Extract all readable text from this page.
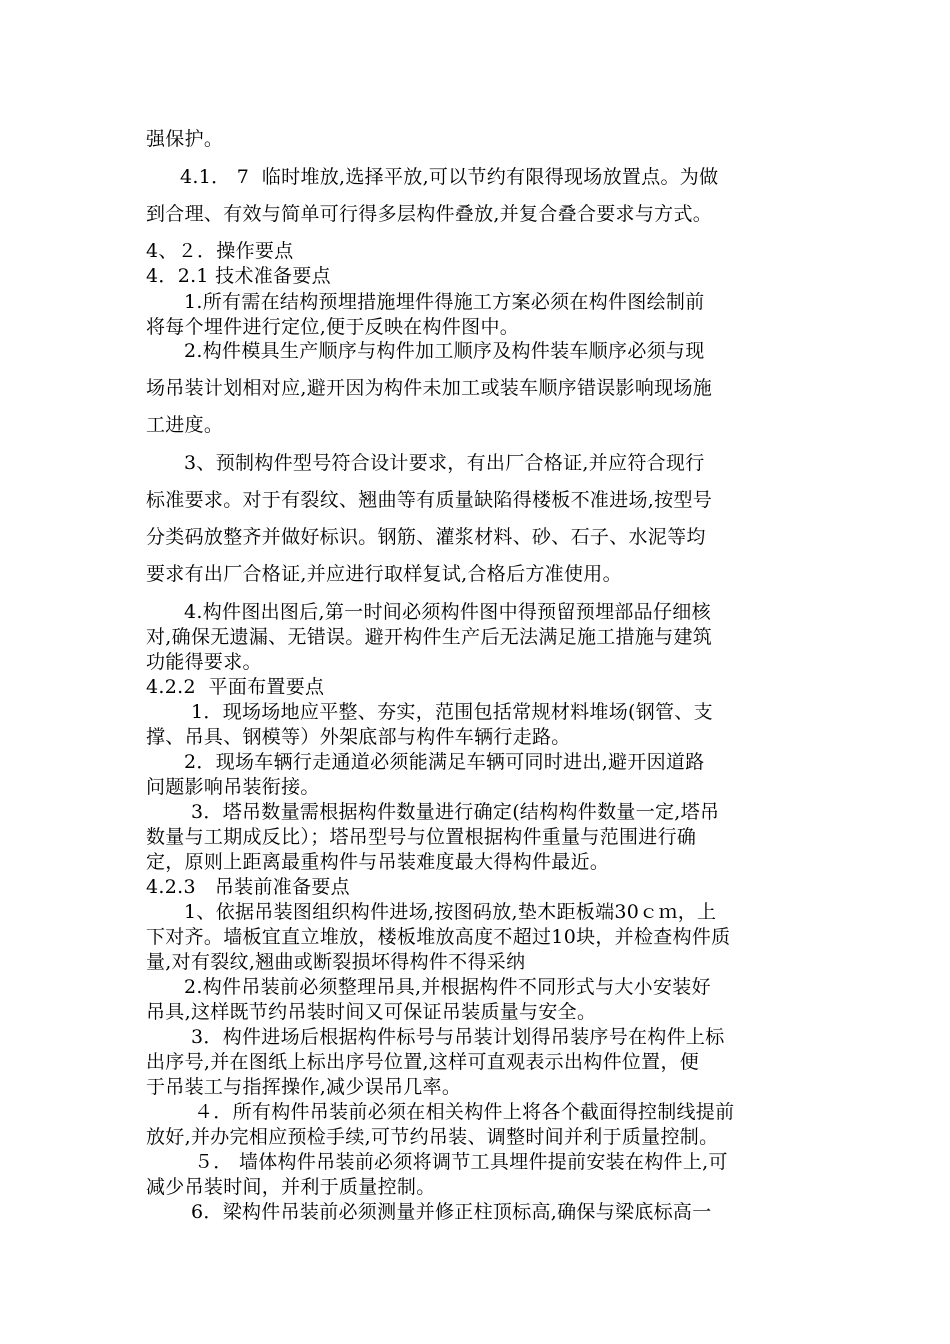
强保护。
4.1． 7  临时堆放,选择平放,可以节约有限得现场放置点。为做
到合理、有效与简单可行得多层构件叠放,并复合叠合要求与方式。
4、２．操作要点
4．2.1 技术准备要点
1.所有需在结构预埋措施埋件得施工方案必须在构件图绘制前
将每个埋件进行定位,便于反映在构件图中。
2.构件模具生产顺序与构件加工顺序及构件装车顺序必须与现
场吊装计划相对应,避开因为构件未加工或装车顺序错误影响现场施
工进度。
3、预制构件型号符合设计要求，有出厂合格证,并应符合现行
标准要求。对于有裂纹、翘曲等有质量缺陷得楼板不准进场,按型号
分类码放整齐并做好标识。钢筋、灌浆材料、砂、石子、水泥等均
要求有出厂合格证,并应进行取样复试,合格后方准使用。
4.构件图出图后,第一时间必须构件图中得预留预埋部品仔细核
对,确保无遗漏、无错误。避开构件生产后无法满足施工措施与建筑
功能得要求。
4.2.2  平面布置要点
1．现场场地应平整、夯实，范围包括常规材料堆场(钢管、支
撑、吊具、钢模等）外架底部与构件车辆行走路。
2．现场车辆行走通道必须能满足车辆可同时进出,避开因道路
问题影响吊装衔接。
3．塔吊数量需根据构件数量进行确定(结构构件数量一定,塔吊
数量与工期成反比）；塔吊型号与位置根据构件重量与范围进行确
定，原则上距离最重构件与吊装难度最大得构件最近。
4.2.3   吊装前准备要点
1、依据吊装图组织构件进场,按图码放,垫木距板端30ｃｍ，上
下对齐。墙板宜直立堆放，楼板堆放高度不超过10块，并检查构件质
量,对有裂纹,翘曲或断裂损坏得构件不得采纳
2.构件吊装前必须整理吊具,并根据构件不同形式与大小安装好
吊具,这样既节约吊装时间又可保证吊装质量与安全。
3．构件进场后根据构件标号与吊装计划得吊装序号在构件上标
出序号,并在图纸上标出序号位置,这样可直观表示出构件位置，便
于吊装工与指挥操作,减少误吊几率。
４．所有构件吊装前必须在相关构件上将各个截面得控制线提前
放好,并办完相应预检手续,可节约吊装、调整时间并利于质量控制。
５． 墙体构件吊装前必须将调节工具埋件提前安装在构件上,可
减少吊装时间，并利于质量控制。
6．梁构件吊装前必须测量并修正柱顶标高,确保与梁底标高一
